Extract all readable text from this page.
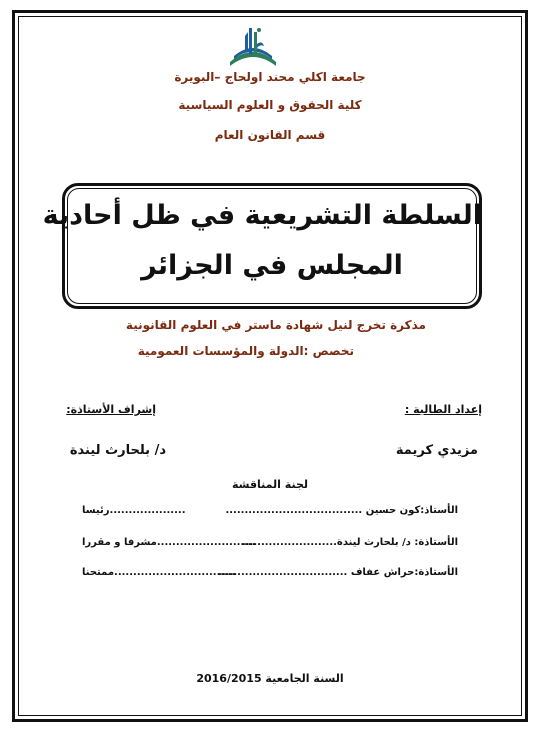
جامعة اكلي محند اولحاج –البويرة
كلية الحقوق و العلوم السياسية
قسم القانون العام
السلطة التشريعية في ظل أحادية
المجلس في الجزائر
مذكرة تخرج لنيل شهادة ماستر في العلوم القانونية
تخصص :الدولة والمؤسسات العمومية
إعداد الطالبة :
إشراف الأستاذة:
مزيدي كريمة
د/ بلحارث ليندة
لجنة المناقشة
الأستاذ:كون حسين ....................................
....................رئيسا
الأستاذة: د/ بلحارث ليندة.........................
..........................مشرفا و مقررا
الأستاذة:حراش عفاف ..................................
................................ممتحنا
السنة الجامعية 2016/2015
